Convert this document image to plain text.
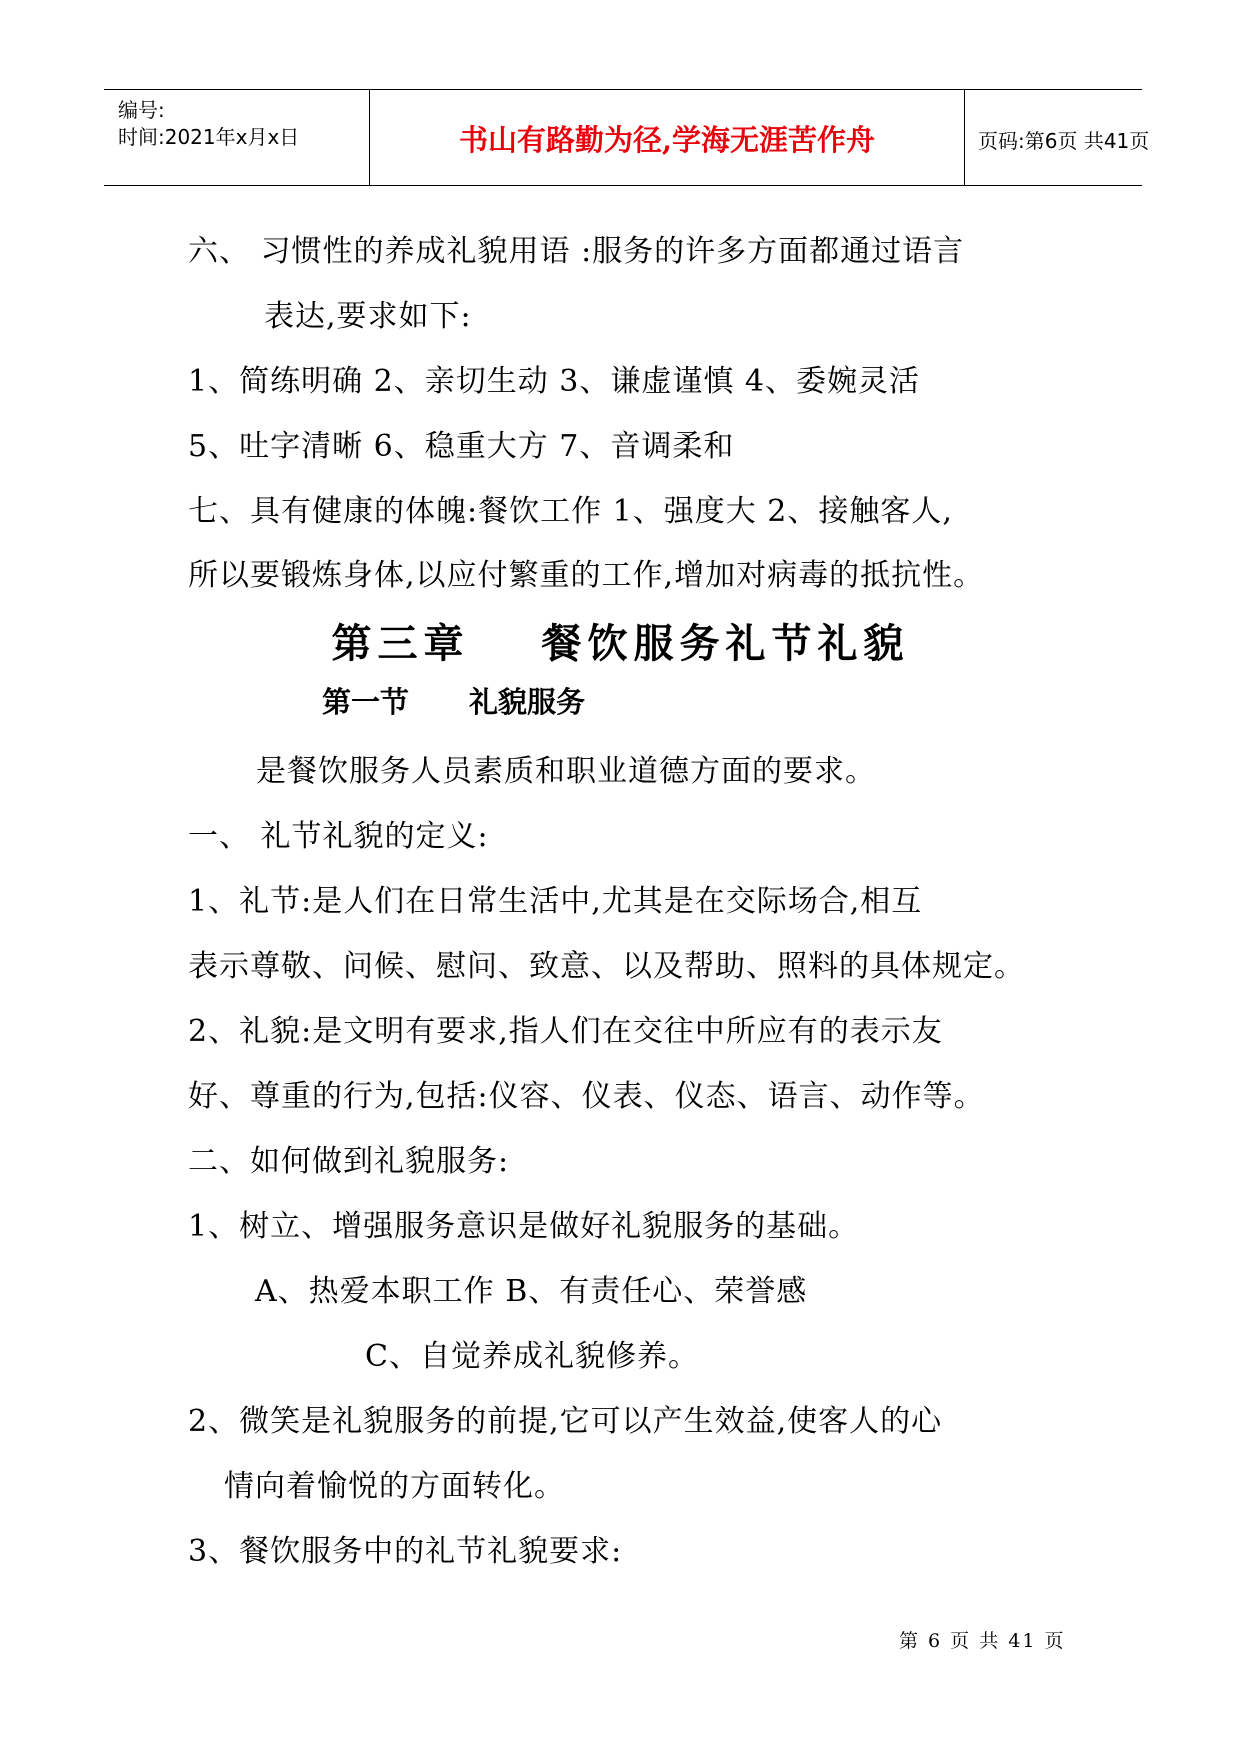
编号:
时间:2021年x月x日	书山有路勤为径,学海无涯苦作舟	页码:第6页 共41页
六、 习惯性的养成礼貌用语 :服务的许多方面都通过语言
表达,要求如下:
1、简练明确 2、亲切生动 3、谦虚谨慎 4、委婉灵活
5、吐字清晰 6、稳重大方 7、音调柔和
七、具有健康的体魄:餐饮工作 1、强度大 2、接触客人,
所以要锻炼身体,以应付繁重的工作,增加对病毒的抵抗性。
第三章 餐饮服务礼节礼貌
第一节 礼貌服务
是餐饮服务人员素质和职业道德方面的要求。
一、 礼节礼貌的定义:
1、礼节:是人们在日常生活中,尤其是在交际场合,相互
表示尊敬、问候、慰问、致意、以及帮助、照料的具体规定。
2、礼貌:是文明有要求,指人们在交往中所应有的表示友
好、尊重的行为,包括:仪容、仪表、仪态、语言、动作等。
二、如何做到礼貌服务:
1、树立、增强服务意识是做好礼貌服务的基础。
A、热爱本职工作 B、有责任心、荣誉感
C、自觉养成礼貌修养。
2、微笑是礼貌服务的前提,它可以产生效益,使客人的心
情向着愉悦的方面转化。
3、餐饮服务中的礼节礼貌要求:
第 6 页 共 41 页
